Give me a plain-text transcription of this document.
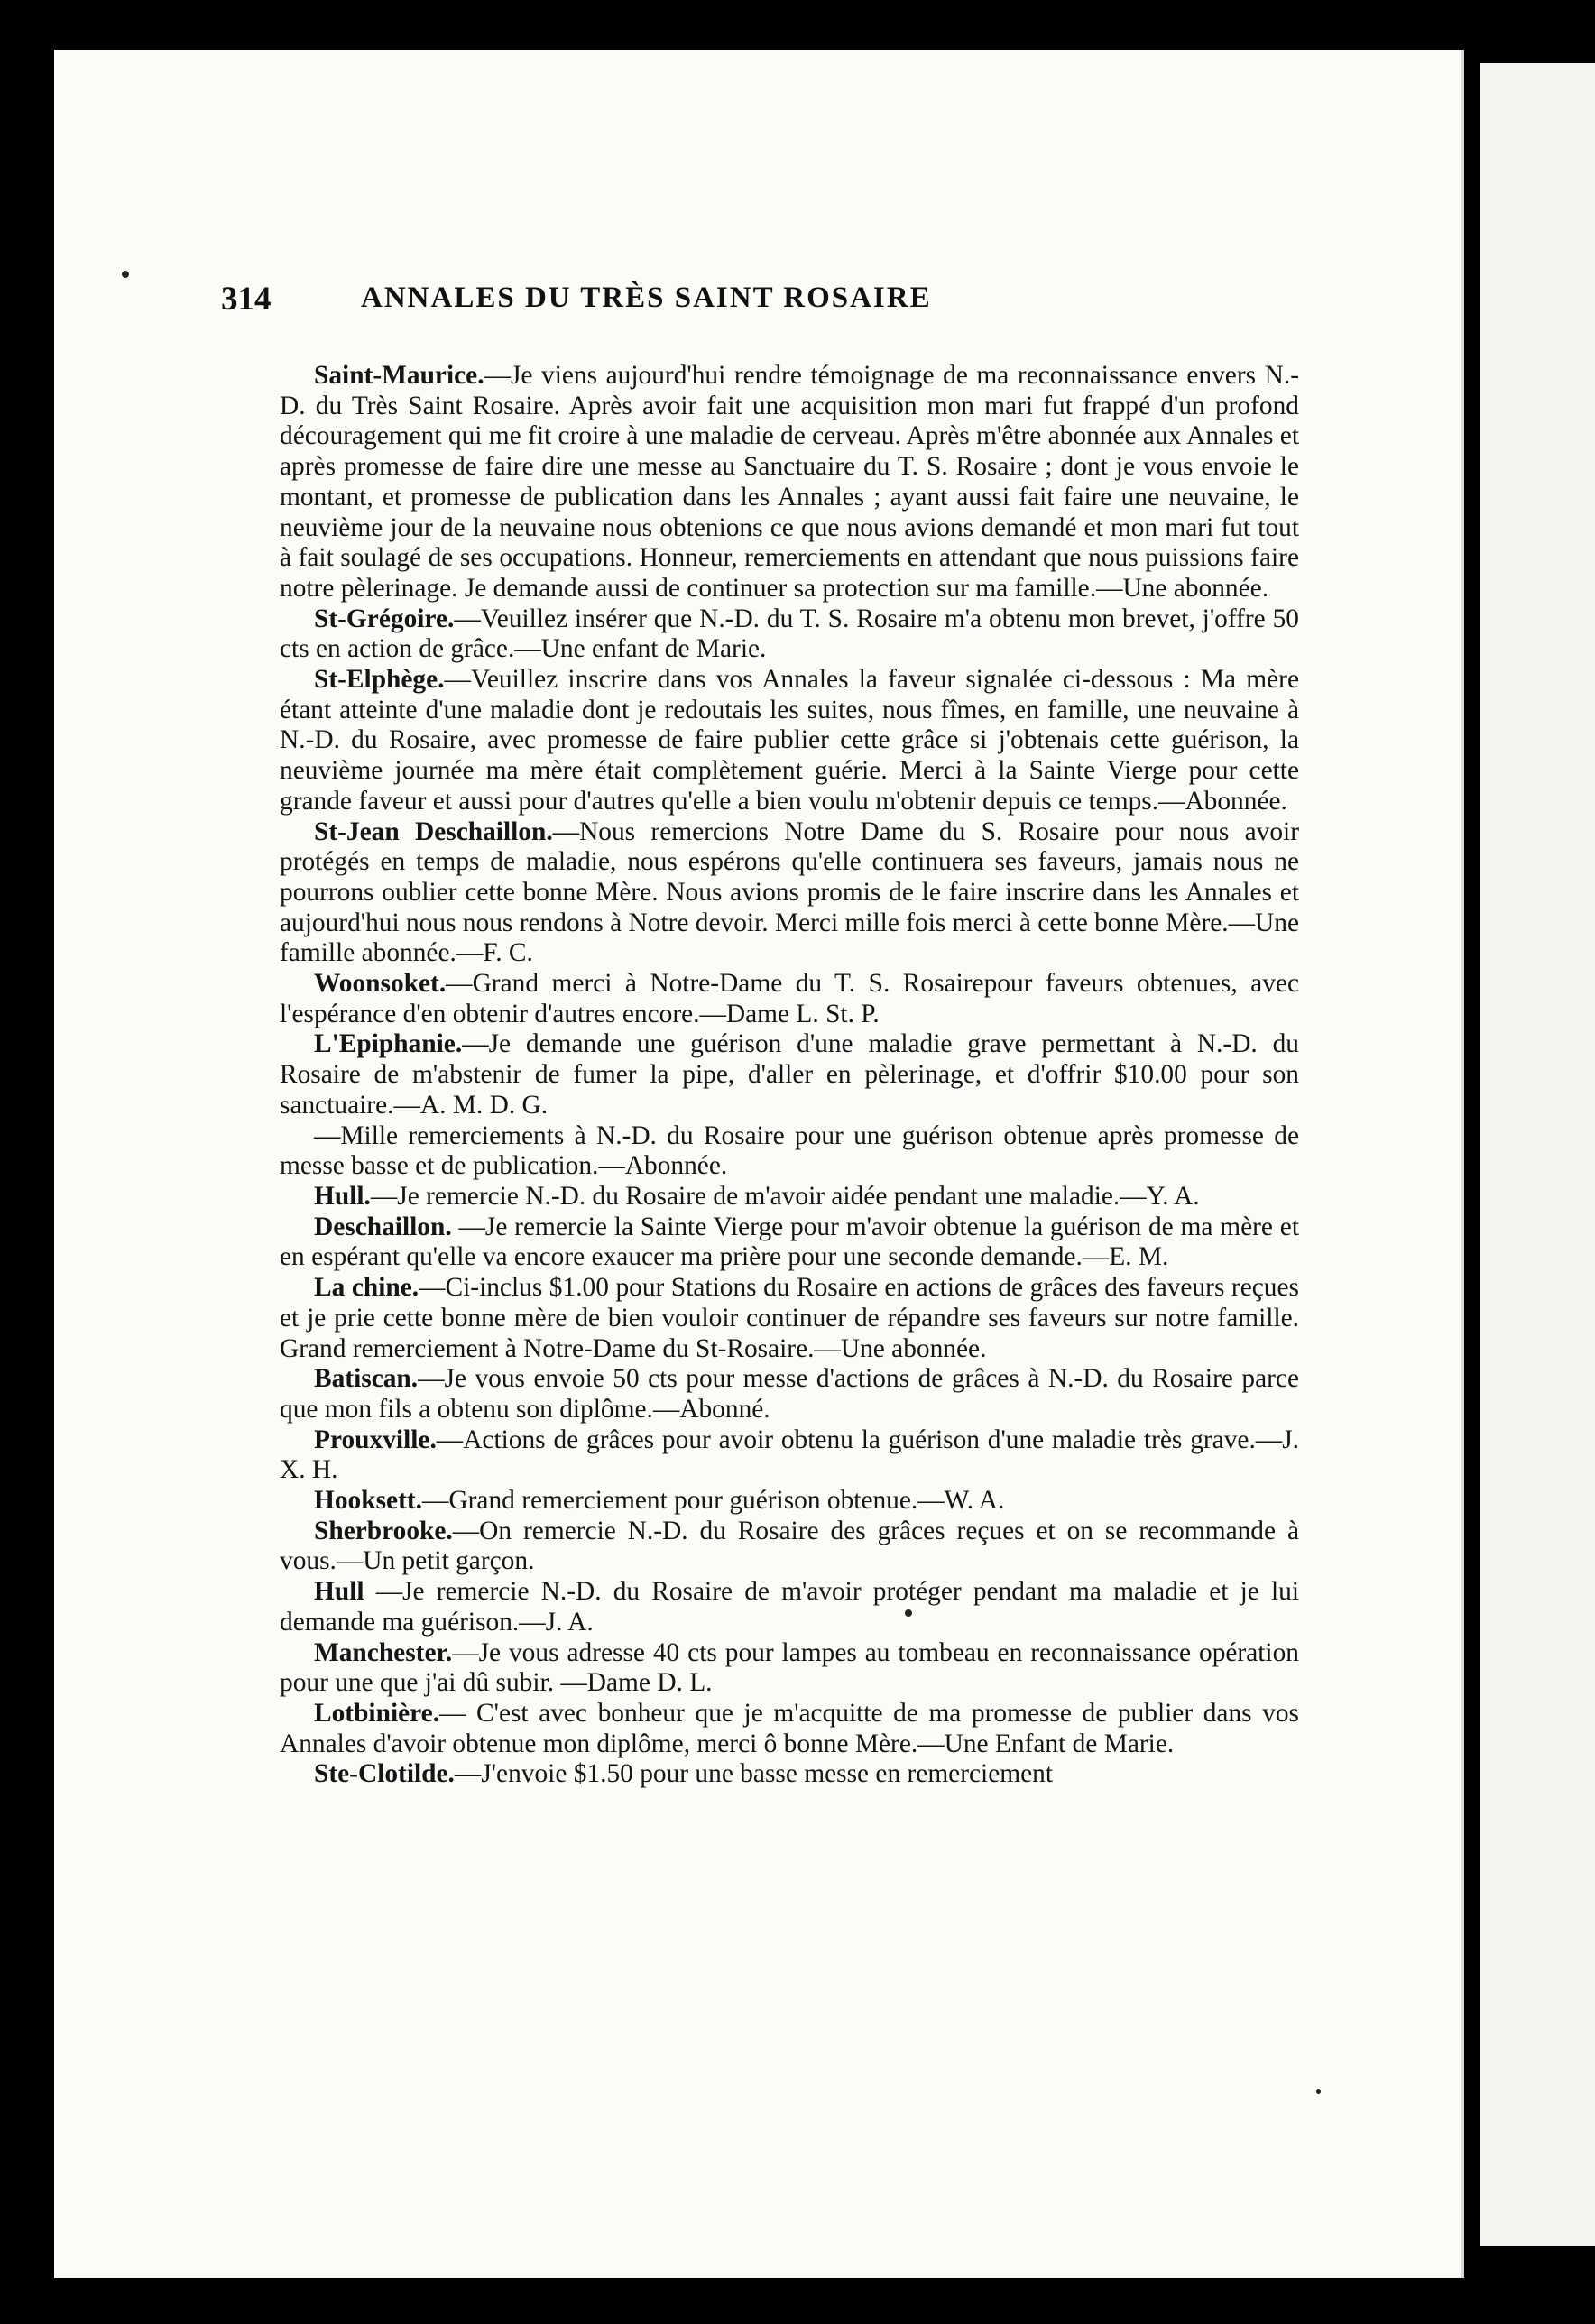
314	ANNALES DU TRÈS SAINT ROSAIRE

Saint-Maurice.—Je viens aujourd'hui rendre témoignage de ma reconnaissance envers N.-D. du Très Saint Rosaire. Après avoir fait une acquisition mon mari fut frappé d'un profond découragement qui me fit croire à une maladie de cerveau. Après m'être abonnée aux Annales et après promesse de faire dire une messe au Sanctuaire du T. S. Rosaire ; dont je vous envoie le montant, et promesse de publication dans les Annales ; ayant aussi fait faire une neuvaine, le neuvième jour de la neuvaine nous obtenions ce que nous avions demandé et mon mari fut tout à fait soulagé de ses occupations. Honneur, remerciements en attendant que nous puissions faire notre pèlerinage. Je demande aussi de continuer sa protection sur ma famille.—Une abonnée.

St-Grégoire.—Veuillez insérer que N.-D. du T. S. Rosaire m'a obtenu mon brevet, j'offre 50 cts en action de grâce.—Une enfant de Marie.

St-Elphège.—Veuillez inscrire dans vos Annales la faveur signalée ci-dessous : Ma mère étant atteinte d'une maladie dont je redoutais les suites, nous fîmes, en famille, une neuvaine à N.-D. du Rosaire, avec promesse de faire publier cette grâce si j'obtenais cette guérison, la neuvième journée ma mère était complètement guérie. Merci à la Sainte Vierge pour cette grande faveur et aussi pour d'autres qu'elle a bien voulu m'obtenir depuis ce temps.—Abonnée.

St-Jean Deschaillon.—Nous remercions Notre Dame du S. Rosaire pour nous avoir protégés en temps de maladie, nous espérons qu'elle continuera ses faveurs, jamais nous ne pourrons oublier cette bonne Mère. Nous avions promis de le faire inscrire dans les Annales et aujourd'hui nous nous rendons à Notre devoir. Merci mille fois merci à cette bonne Mère.—Une famille abonnée.—F. C.

Woonsoket.—Grand merci à Notre-Dame du T. S. Rosairepour faveurs obtenues, avec l'espérance d'en obtenir d'autres encore.—Dame L. St. P.

L'Epiphanie.—Je demande une guérison d'une maladie grave permettant à N.-D. du Rosaire de m'abstenir de fumer la pipe, d'aller en pèlerinage, et d'offrir $10.00 pour son sanctuaire.—A. M. D. G.

—Mille remerciements à N.-D. du Rosaire pour une guérison obtenue après promesse de messe basse et de publication.—Abonnée.

Hull.—Je remercie N.-D. du Rosaire de m'avoir aidée pendant une maladie.—Y. A.

Deschaillon. —Je remercie la Sainte Vierge pour m'avoir obtenue la guérison de ma mère et en espérant qu'elle va encore exaucer ma prière pour une seconde demande.—E. M.

La chine.—Ci-inclus $1.00 pour Stations du Rosaire en actions de grâces des faveurs reçues et je prie cette bonne mère de bien vouloir continuer de répandre ses faveurs sur notre famille. Grand remerciement à Notre-Dame du St-Rosaire.—Une abonnée.

Batiscan.—Je vous envoie 50 cts pour messe d'actions de grâces à N.-D. du Rosaire parce que mon fils a obtenu son diplôme.—Abonné.

Prouxville.—Actions de grâces pour avoir obtenu la guérison d'une maladie très grave.—J. X. H.

Hooksett.—Grand remerciement pour guérison obtenue.—W. A.

Sherbrooke.—On remercie N.-D. du Rosaire des grâces reçues et on se recommande à vous.—Un petit garçon.

Hull —Je remercie N.-D. du Rosaire de m'avoir protéger pendant ma maladie et je lui demande ma guérison.—J. A.

Manchester.—Je vous adresse 40 cts pour lampes au tombeau en reconnaissance opération pour une que j'ai dû subir. —Dame D. L.

Lotbinière.— C'est avec bonheur que je m'acquitte de ma promesse de publier dans vos Annales d'avoir obtenue mon diplôme, merci ô bonne Mère.—Une Enfant de Marie.

Ste-Clotilde.—J'envoie $1.50 pour une basse messe en remerciement
